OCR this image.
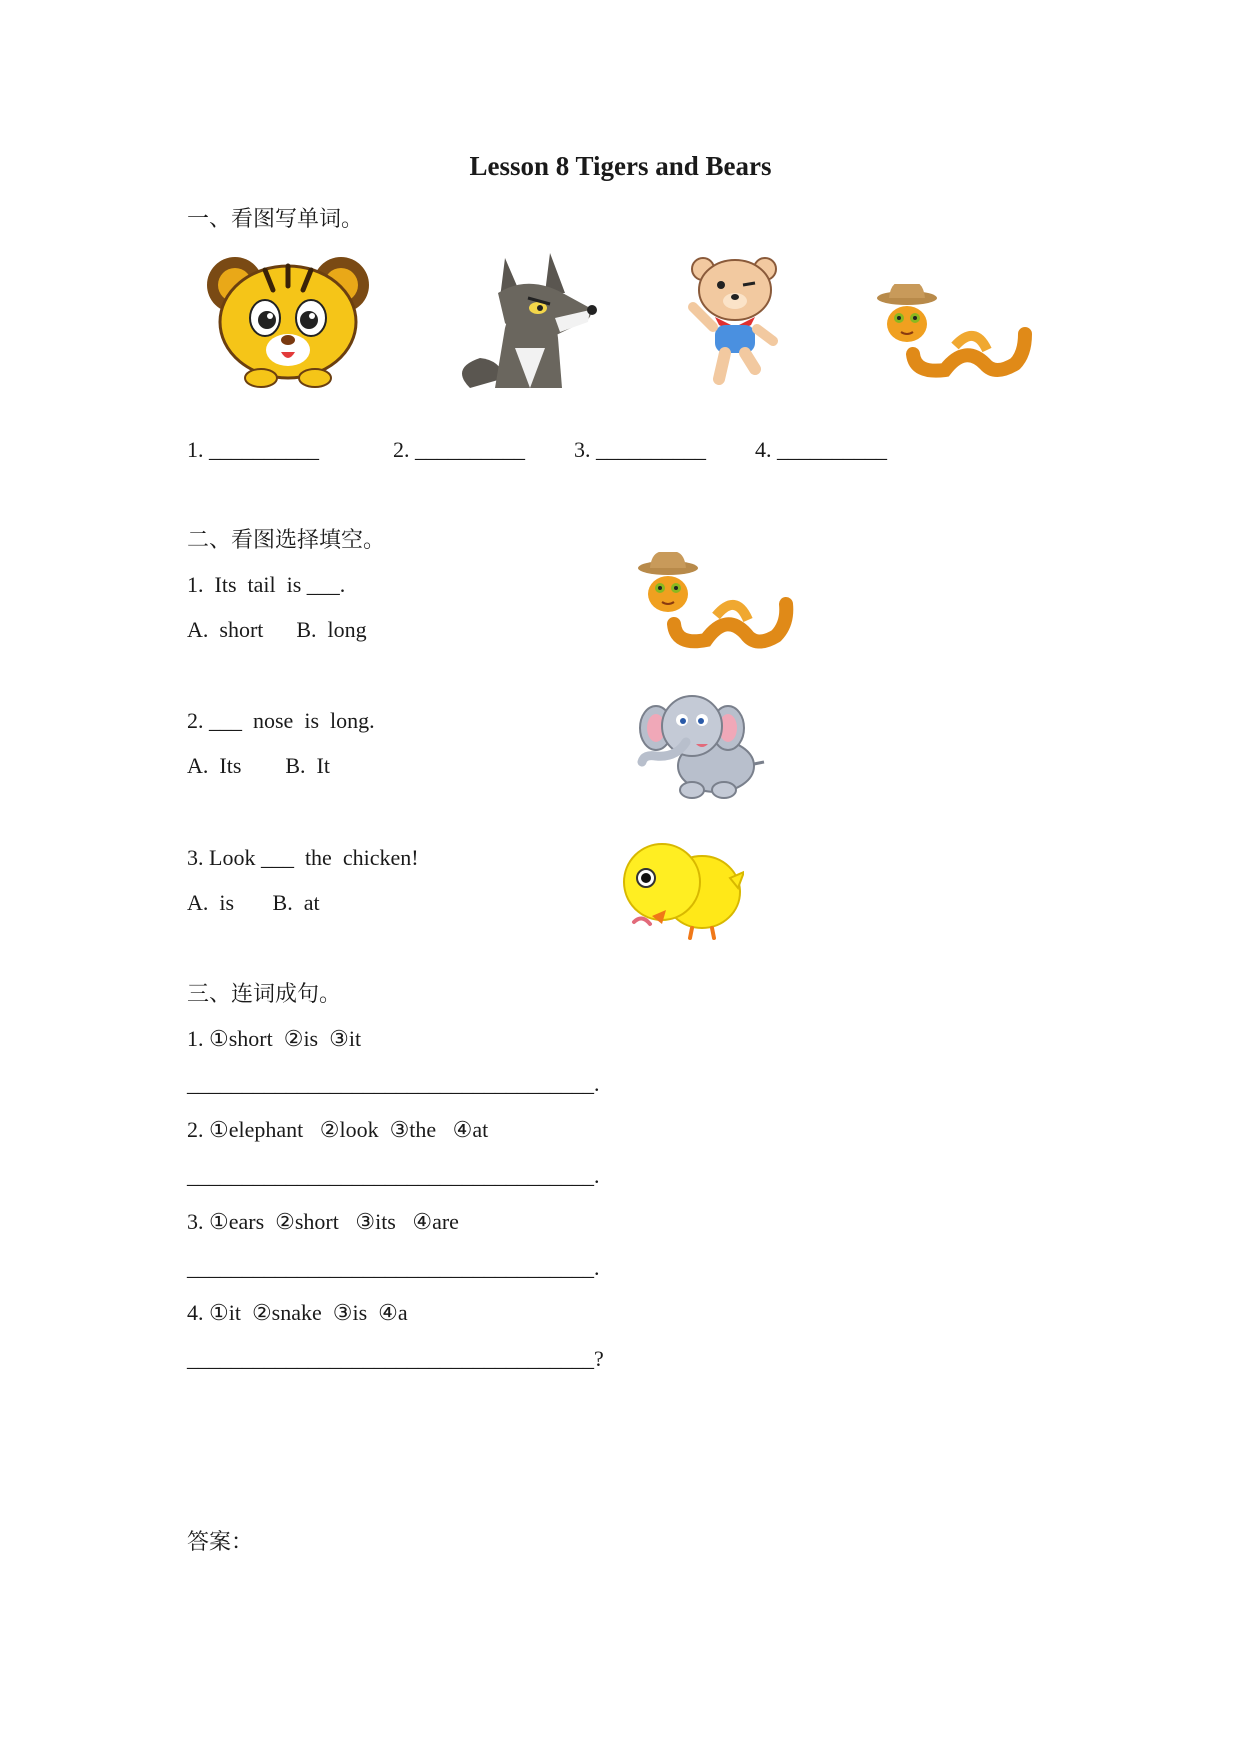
Lesson 8 Tigers and Bears
一、看图写单词。
1. __________	2. __________ 3. __________ 4. __________
二、看图选择填空。
1.  Its  tail  is ___.
A.  short      B.  long
2. ___  nose  is  long.
A.  Its        B.  It
3. Look ___  the  chicken!
A.  is       B.  at
三、连词成句。
1. ①short  ②is  ③it
_____________________________________.
2. ①elephant   ②look  ③the   ④at
_____________________________________.
3. ①ears  ②short   ③its   ④are
_____________________________________.
4. ①it  ②snake  ③is  ④a
_____________________________________?
答案：
